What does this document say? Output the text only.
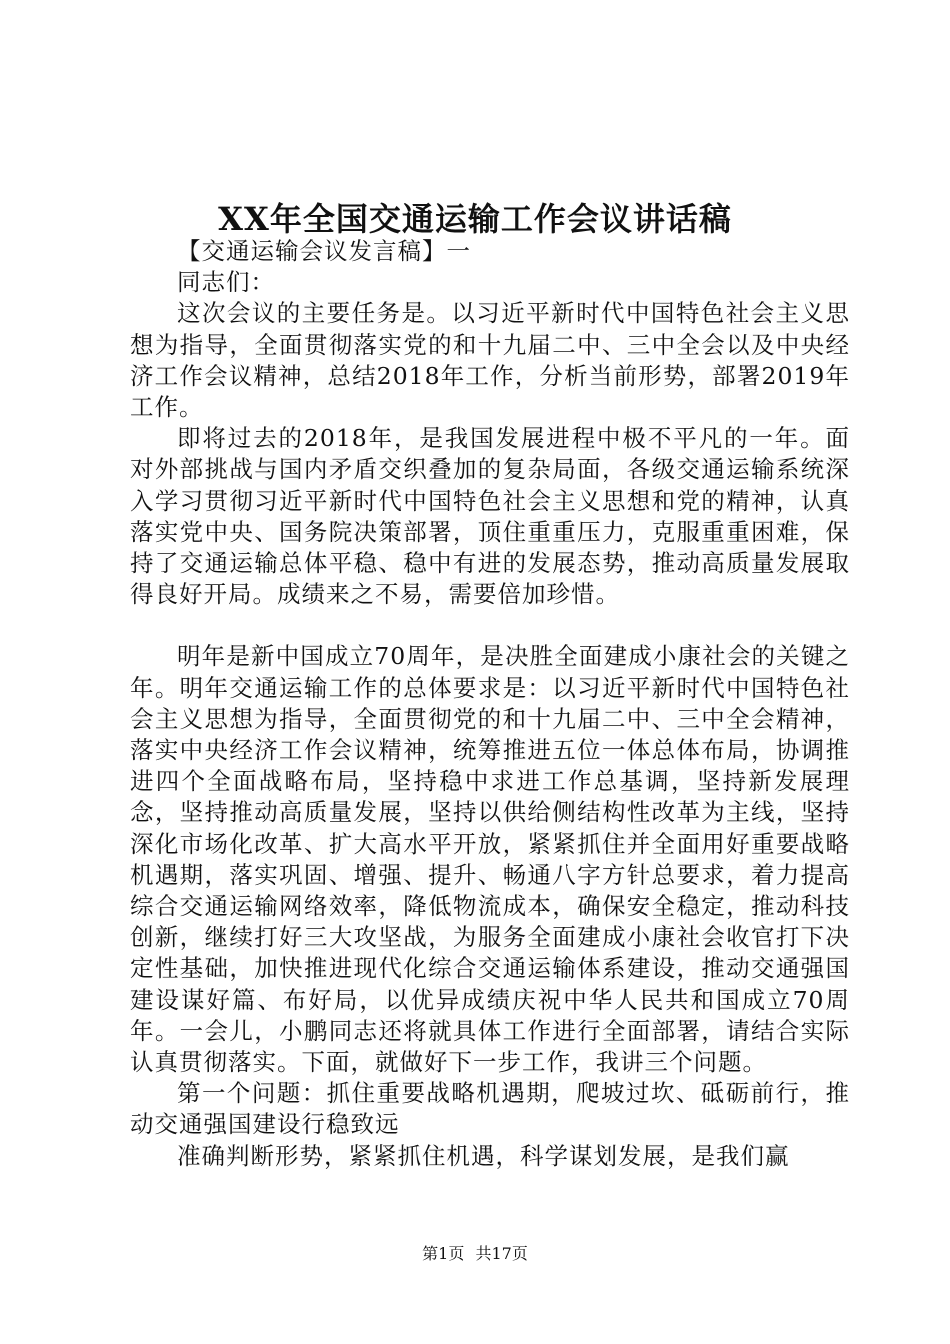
XX年全国交通运输工作会议讲话稿

【交通运输会议发言稿】一

同志们：

这次会议的主要任务是。以习近平新时代中国特色社会主义思想为指导，全面贯彻落实党的和十九届二中、三中全会以及中央经济工作会议精神，总结2018年工作，分析当前形势，部署2019年工作。

即将过去的2018年，是我国发展进程中极不平凡的一年。面对外部挑战与国内矛盾交织叠加的复杂局面，各级交通运输系统深入学习贯彻习近平新时代中国特色社会主义思想和党的精神，认真落实党中央、国务院决策部署，顶住重重压力，克服重重困难，保持了交通运输总体平稳、稳中有进的发展态势，推动高质量发展取得良好开局。成绩来之不易，需要倍加珍惜。

明年是新中国成立70周年，是决胜全面建成小康社会的关键之年。明年交通运输工作的总体要求是：以习近平新时代中国特色社会主义思想为指导，全面贯彻党的和十九届二中、三中全会精神，落实中央经济工作会议精神，统筹推进五位一体总体布局，协调推进四个全面战略布局，坚持稳中求进工作总基调，坚持新发展理念，坚持推动高质量发展，坚持以供给侧结构性改革为主线，坚持深化市场化改革、扩大高水平开放，紧紧抓住并全面用好重要战略机遇期，落实巩固、增强、提升、畅通八字方针总要求，着力提高综合交通运输网络效率，降低物流成本，确保安全稳定，推动科技创新，继续打好三大攻坚战，为服务全面建成小康社会收官打下决定性基础，加快推进现代化综合交通运输体系建设，推动交通强国建设谋好篇、布好局，以优异成绩庆祝中华人民共和国成立70周年。一会儿，小鹏同志还将就具体工作进行全面部署，请结合实际认真贯彻落实。下面，就做好下一步工作，我讲三个问题。

第一个问题：抓住重要战略机遇期，爬坡过坎、砥砺前行，推动交通强国建设行稳致远

准确判断形势，紧紧抓住机遇，科学谋划发展，是我们赢

第1页 共17页
